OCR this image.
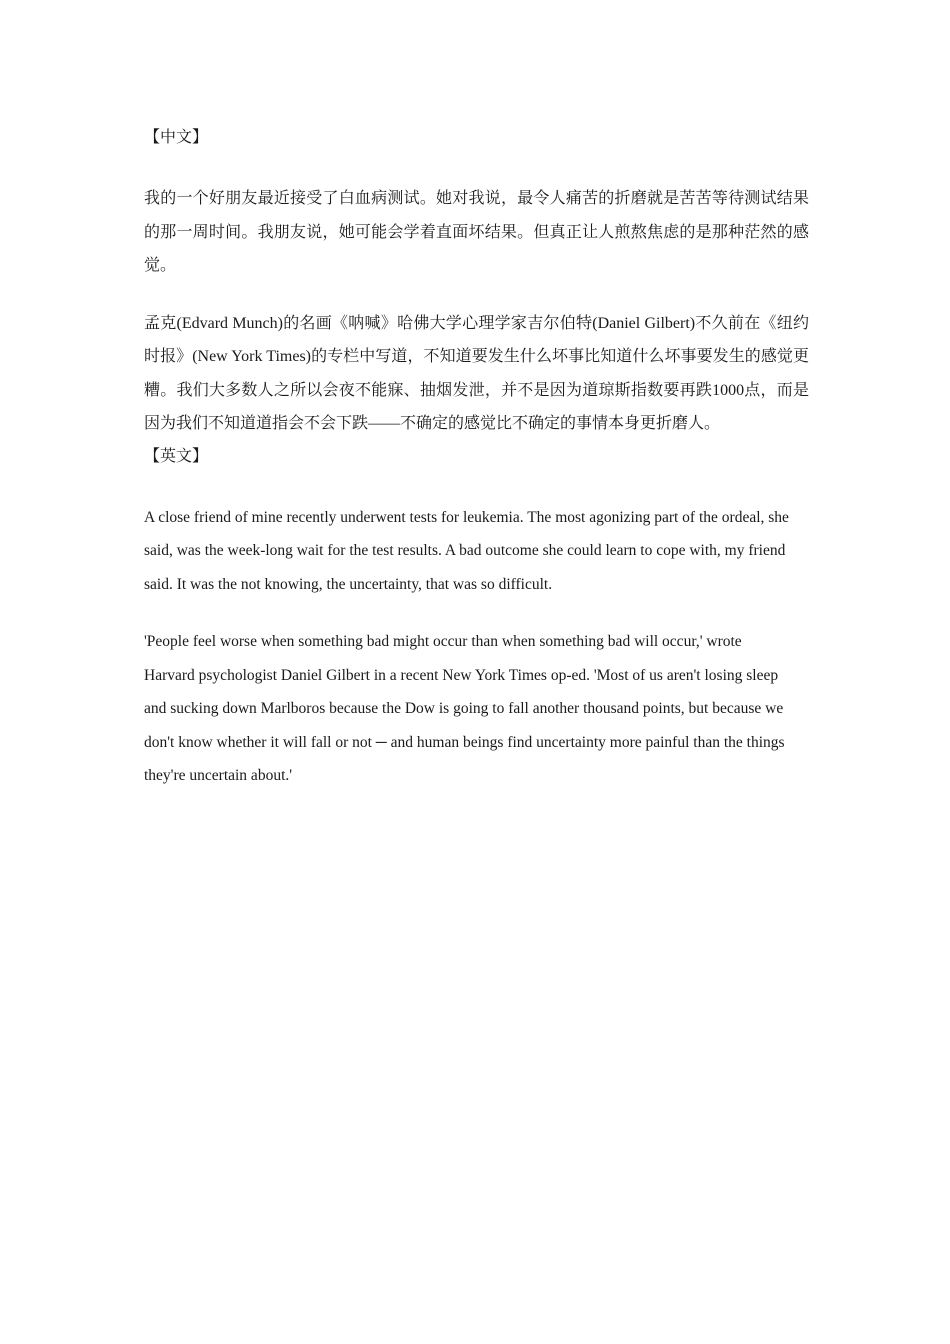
【中文】

我的一个好朋友最近接受了白血病测试。她对我说，最令人痛苦的折磨就是苦苦等待测试结果的那一周时间。我朋友说，她可能会学着直面坏结果。但真正让人煎熬焦虑的是那种茫然的感觉。

孟克(Edvard Munch)的名画《呐喊》哈佛大学心理学家吉尔伯特(Daniel Gilbert)不久前在《纽约时报》(New York Times)的专栏中写道，不知道要发生什么坏事比知道什么坏事要发生的感觉更糟。我们大多数人之所以会夜不能寐、抽烟发泄，并不是因为道琼斯指数要再跌1000点，而是因为我们不知道道指会不会下跌——不确定的感觉比不确定的事情本身更折磨人。

【英文】

A close friend of mine recently underwent tests for leukemia. The most agonizing part of the ordeal, she said, was the week-long wait for the test results. A bad outcome she could learn to cope with, my friend said. It was the not knowing, the uncertainty, that was so difficult.

'People feel worse when something bad might occur than when something bad will occur,' wrote Harvard psychologist Daniel Gilbert in a recent New York Times op-ed. 'Most of us aren't losing sleep and sucking down Marlboros because the Dow is going to fall another thousand points, but because we don't know whether it will fall or not ─ and human beings find uncertainty more painful than the things they're uncertain about.'
